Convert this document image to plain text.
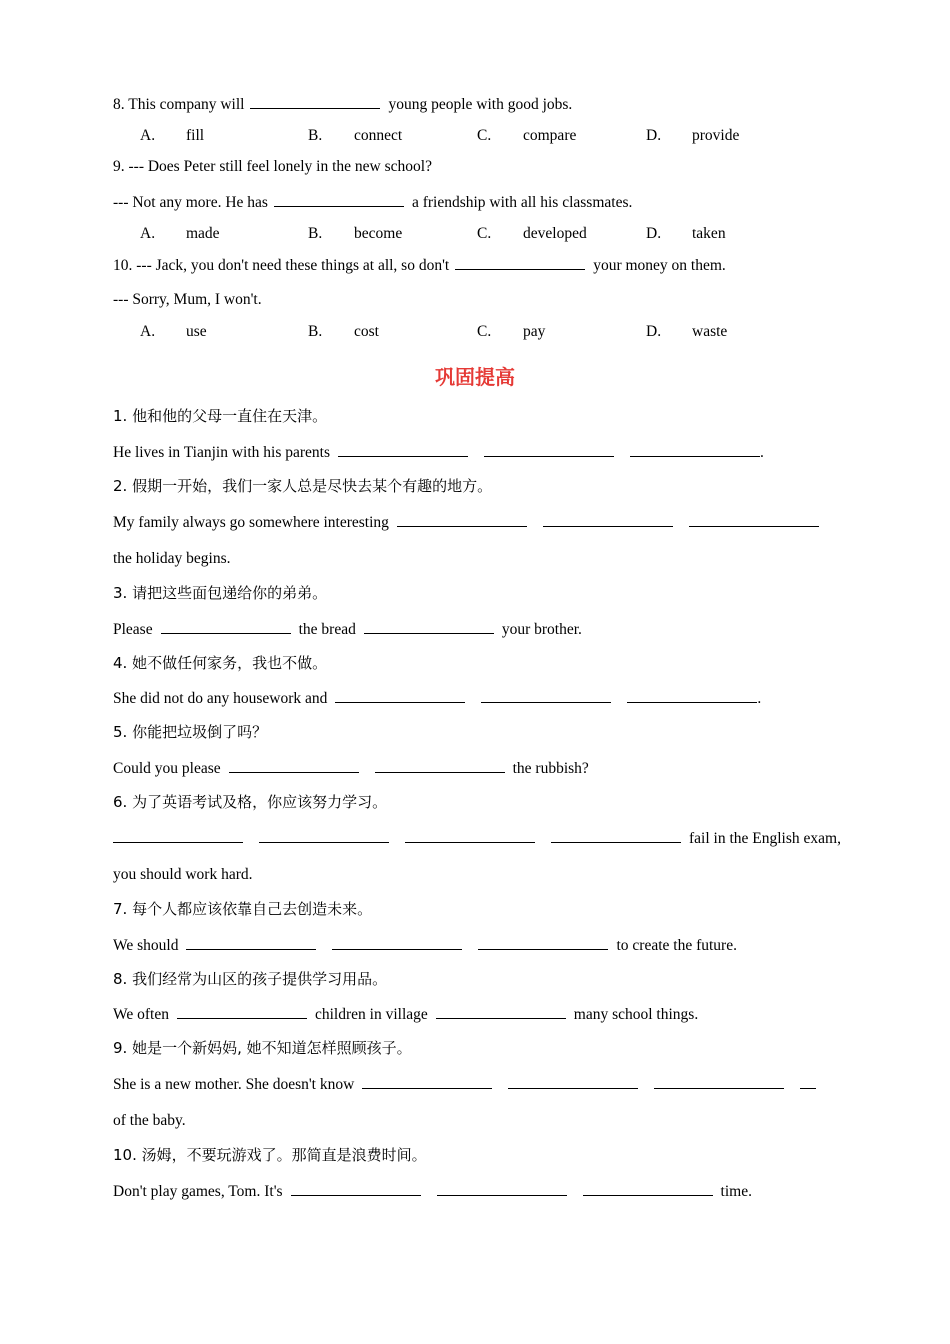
8. This company will	young people with good jobs.
A. fill	B. connect	C. compare	D. provide
9. --- Does Peter still feel lonely in the new school?
--- Not any more. He has	a friendship with all his classmates.
A. made	B. become	C. developed	D. taken
10. --- Jack, you don't need these things at all, so don't	your money on them.
--- Sorry, Mum, I won't.
A. use	B. cost	C. pay	D. waste
巩固提高
1. 他和他的父母一直住在天津。
He lives in Tianjin with his parents	.
2. 假期一开始，我们一家人总是尽快去某个有趣的地方。
My family always go somewhere interesting
the holiday begins.
3. 请把这些面包递给你的弟弟。
Please	the bread	your brother.
4. 她不做任何家务，我也不做。
She did not do any housework and	.
5. 你能把垃圾倒了吗？
Could you please	the rubbish?
6. 为了英语考试及格，你应该努力学习。
fail in the English exam,
you should work hard.
7. 每个人都应该依靠自己去创造未来。
We should	to create the future.
8. 我们经常为山区的孩子提供学习用品。
We often	children in village	many school things.
9. 她是一个新妈妈, 她不知道怎样照顾孩子。
She is a new mother. She doesn't know
of the baby.
10. 汤姆，不要玩游戏了。那简直是浪费时间。
Don't play games, Tom. It's	time.
